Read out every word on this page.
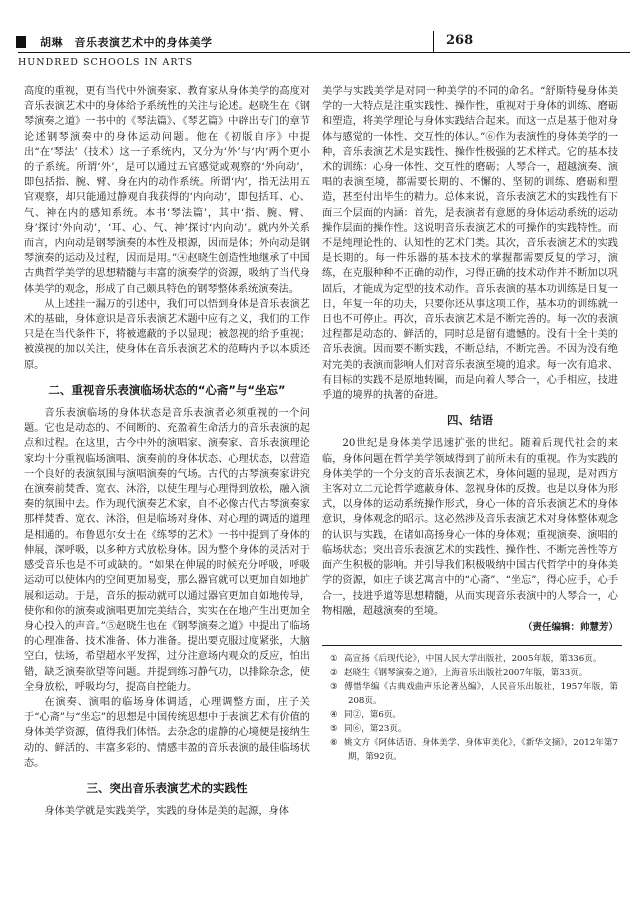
胡琳　音乐表演艺术中的身体美学	268
HUNDRED SCHOOLS IN ARTS

高度的重视，更有当代中外演奏家、教育家从身体美学的高度对音乐表演艺术中的身体给予系统性的关注与论述。赵晓生在《钢琴演奏之道》一书中的《琴法篇》、《琴艺篇》中辟出专门的章节论述钢琴演奏中的身体运动问题。他在《初版自序》中提出“在‘琴法’（技术）这一子系统内，又分为‘外’与‘内’两个更小的子系统。所谓‘外’，是可以通过五官感觉或观察的‘外向动’，即包括指、腕、臂、身在内的动作系统。所谓‘内’，指无法用五官观察，却只能通过静观自我获得的‘内向动’，即包括耳、心、气、神在内的感知系统。本书‘琴法篇’，其中‘指、腕、臂、身’探讨‘外向动’，‘耳、心、气、神’探讨‘内向动’。就内外关系而言，内向动是钢琴演奏的本性及根源，因而是体；外向动是钢琴演奏的运动及过程，因而是用。”④赵晓生创造性地继承了中国古典哲学美学的思想精髓与丰富的演奏学的资源，吸纳了当代身体美学的观念，形成了自己颇具特色的钢琴整体系统演奏法。

从上述挂一漏万的引述中，我们可以悟到身体是音乐表演艺术的基础，身体意识是音乐表演艺术题中应有之义，我们的工作只是在当代条件下，将被遮蔽的予以显现；被忽视的给予重视；被漠视的加以关注，使身体在音乐表演艺术的范畴内予以本质还原。

二、重视音乐表演临场状态的“心斋”与“坐忘”

音乐表演临场的身体状态是音乐表演者必须重视的一个问题。它也是动态的、不间断的、充盈着生命活力的音乐表演的起点和过程。在这里，古今中外的演唱家、演奏家、音乐表演理论家均十分重视临场演唱、演奏前的身体状态、心理状态，以营造一个良好的表演氛围与演唱演奏的气场。古代的古琴演奏家讲究在演奏前焚香、宽衣、沐浴，以使生理与心理得到放松，融入演奏的氛围中去。作为现代演奏艺术家，自不必像古代古琴演奏家那样焚香、宽衣、沐浴，但是临场对身体、对心理的调适的道理是相通的。布鲁恩尔女士在《练琴的艺术》一书中提到了身体的伸展，深呼吸，以多种方式放松身体。因为整个身体的灵活对于感受音乐也是不可或缺的。“如果在伸展的时候充分呼吸，呼吸运动可以使体内的空间更加易变，那么器官就可以更加自如地扩展和运动。于是，音乐的振动就可以通过器官更加自如地传导，使你和你的演奏或演唱更加完美结合，实实在在地产生出更加全身心投入的声音。”⑤赵晓生也在《钢琴演奏之道》中提出了临场的心理准备、技术准备、体力准备。提出要克服过度紧张，大脑空白，怯场，希望超水平发挥，过分注意场内观众的反应，怕出错，缺乏演奏欲望等问题。并提到练习静气功，以排除杂念，使全身放松，呼吸均匀，提高自控能力。

在演奏、演唱的临场身体调适，心理调整方面，庄子关于“心斋”与“坐忘”的思想是中国传统思想中于表演艺术有价值的身体美学资源，值得我们体悟。去杂念的虚静的心境便是接纳生动的、鲜活的、丰富多彩的、情感丰盈的音乐表演的最佳临场状态。

三、突出音乐表演艺术的实践性

身体美学就是实践美学，实践的身体是美的起源，身体

美学与实践美学是对同一种美学的不同的命名。“舒斯特曼身体美学的一大特点是注重实践性、操作性，重视对于身体的训练、磨砺和塑造，将美学理论与身体实践结合起来。而这一点是基于他对身体与感觉的一体性、交互性的体认。”⑥作为表演性的身体美学的一种，音乐表演艺术是实践性、操作性极强的艺术样式。它的基本技术的训练：心身一体性、交互性的磨砺；人琴合一，超越演奏、演唱的表演至境，都需要长期的、不懈的、坚韧的训练、磨砺和塑造，甚至付出毕生的精力。总体来说，音乐表演艺术的实践性有下面三个层面的内涵：首先，是表演者有意愿的身体运动系统的运动操作层面的操作性。这说明音乐表演艺术的可操作的实践特性。而不是纯理论性的、认知性的艺术门类。其次，音乐表演艺术的实践是长期的。每一件乐器的基本技术的掌握都需要反复的学习，演练，在克服种种不正确的动作，习得正确的技术动作并不断加以巩固后，才能成为定型的技术动作。音乐表演的基本功训练是日复一日，年复一年的功夫，只要你还从事这项工作，基本功的训练就一日也不可停止。再次，音乐表演艺术是不断完善的。每一次的表演过程都是动态的、鲜活的，同时总是留有遗憾的。没有十全十美的音乐表演。因而要不断实践，不断总结，不断完善。不因为没有绝对完美的表演而影响人们对音乐表演至境的追求。每一次有追求、有目标的实践不是原地转圈，而是向着人琴合一，心手相应，技进乎道的境界的执著的奋进。

四、结语

20世纪是身体美学迅速扩张的世纪。随着后现代社会的来临，身体问题在哲学美学领域得到了前所未有的重视。作为实践的身体美学的一个分支的音乐表演艺术，身体问题的显现，是对西方主客对立二元论哲学遮蔽身体、忽视身体的反拨。也是以身体为形式，以身体的运动系统操作形式，身心一体的音乐表演艺术的身体意识，身体观念的昭示。这必然涉及音乐表演艺术对身体整体观念的认识与实践，在诸如高扬身心一体的身体观；重视演奏、演唱的临场状态；突出音乐表演艺术的实践性、操作性、不断完善性等方面产生积极的影响。并引导我们积极吸纳中国古代哲学中的身体美学的资源，如庄子谈艺寓言中的“心斋”、“坐忘”，得心应手，心手合一，技进乎道等思想精髓，从而实现音乐表演中的人琴合一，心物相融，超越演奏的至境。

（责任编辑：帅慧芳）
① 高宣扬《后现代论》，中国人民大学出版社，2005年版，第336页。
② 赵晓生《钢琴演奏之道》，上海音乐出版社2007年版，第33页。
③ 傅惜华编《古典戏曲声乐论著丛编》，人民音乐出版社，1957年版，第208页。
④ 同②，第6页。
⑤ 同⑥，第23页。
⑥ 姚文方《阿体话语、身体美学、身体审美化》，《新华文摘》，2012年第7期，第92页。
